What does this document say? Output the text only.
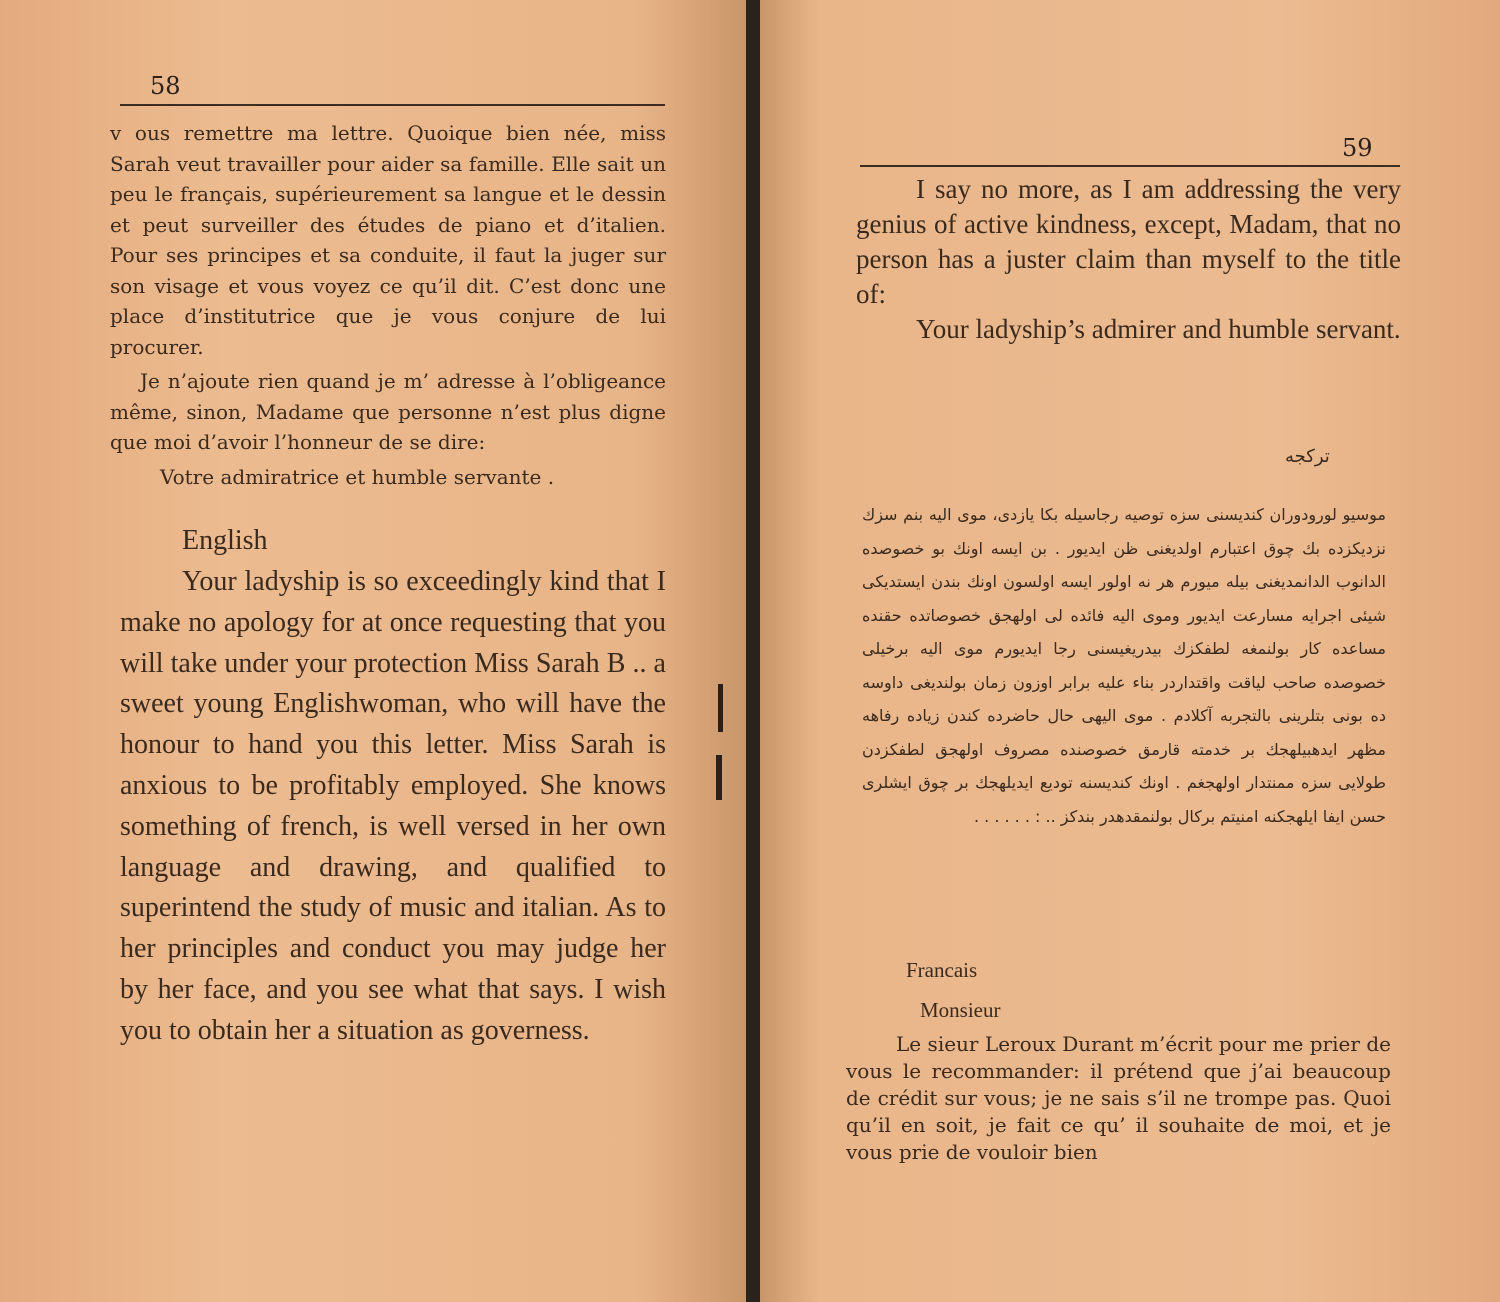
58

v ous remettre ma lettre. Quoique bien née, miss Sarah veut travailler pour aider sa famille. Elle sait un peu le français, supérieurement sa langue et le dessin et peut surveiller des études de piano et d’italien. Pour ses principes et sa conduite, il faut la juger sur son visage et vous voyez ce qu’il dit. C’est donc une place d’institutrice que je vous conjure de lui procurer.

Je n’ajoute rien quand je m’ adresse à l’obligeance même, sinon, Madame que personne n’est plus digne que moi d’avoir l’honneur de se dire:

Votre admiratrice et humble servante .

English

Your ladyship is so exceedingly kind that I make no apology for at once requesting that you will take under your protection Miss Sarah B .. a sweet young Englishwoman, who will have the honour to hand you this letter. Miss Sarah is anxious to be profitably employed. She knows something of french, is well versed in her own language and drawing, and qualified to superintend the study of music and italian. As to her principles and conduct you may judge her by her face, and you see what that says. I wish you to obtain her a situation as governess.

59

I say no more, as I am addressing the very genius of active kindness, except, Madam, that no person has a juster claim than myself to the title of:

Your ladyship’s admirer and humble servant.

تركجه

موسيو لورودوران كنديسنى سزه توصيه رجاسيله بكا يازدى، موى اليه بنم سزك نزديكزده بك چوق اعتبارم اولديغنى ظن ايديور . بن ايسه اونك بو خصوصده الدانوب الدانمديغنى بيله ميورم هر نه اولور ايسه اولسون اونك بندن ايستديكى شيئى اجرايه مسارعت ايديور وموى اليه فائده لى اولهجق خصوصاتده حقنده مساعده كار بولنمغه لطفكزك بيدريغيسنى رجا ايديورم موى اليه برخيلى خصوصده صاحب لياقت واقتداردر بناء عليه برابر اوزون زمان بولنديغى داوسه ده بونى بتلرينى بالتجربه آكلادم . موى اليهى حال حاضرده كندن زياده رفاهه مظهر ايدهبيلهجك بر خدمته قارمق خصوصنده مصروف اولهجق لطفكزدن طولايى سزه ممنتدار اولهجغم . اونك كنديسنه توديع ايديلهجك بر چوق ايشلرى حسن ايفا ايلهجكنه امنيتم بركال بولنمقدهدر بندكز .. : . . . . . .

Francais
Monsieur

Le sieur Leroux Durant m’écrit pour me prier de vous le recommander: il prétend que j’ai beaucoup de crédit sur vous; je ne sais s’il ne trompe pas. Quoi qu’il en soit, je fait ce qu’ il souhaite de moi, et je vous prie de vouloir bien
